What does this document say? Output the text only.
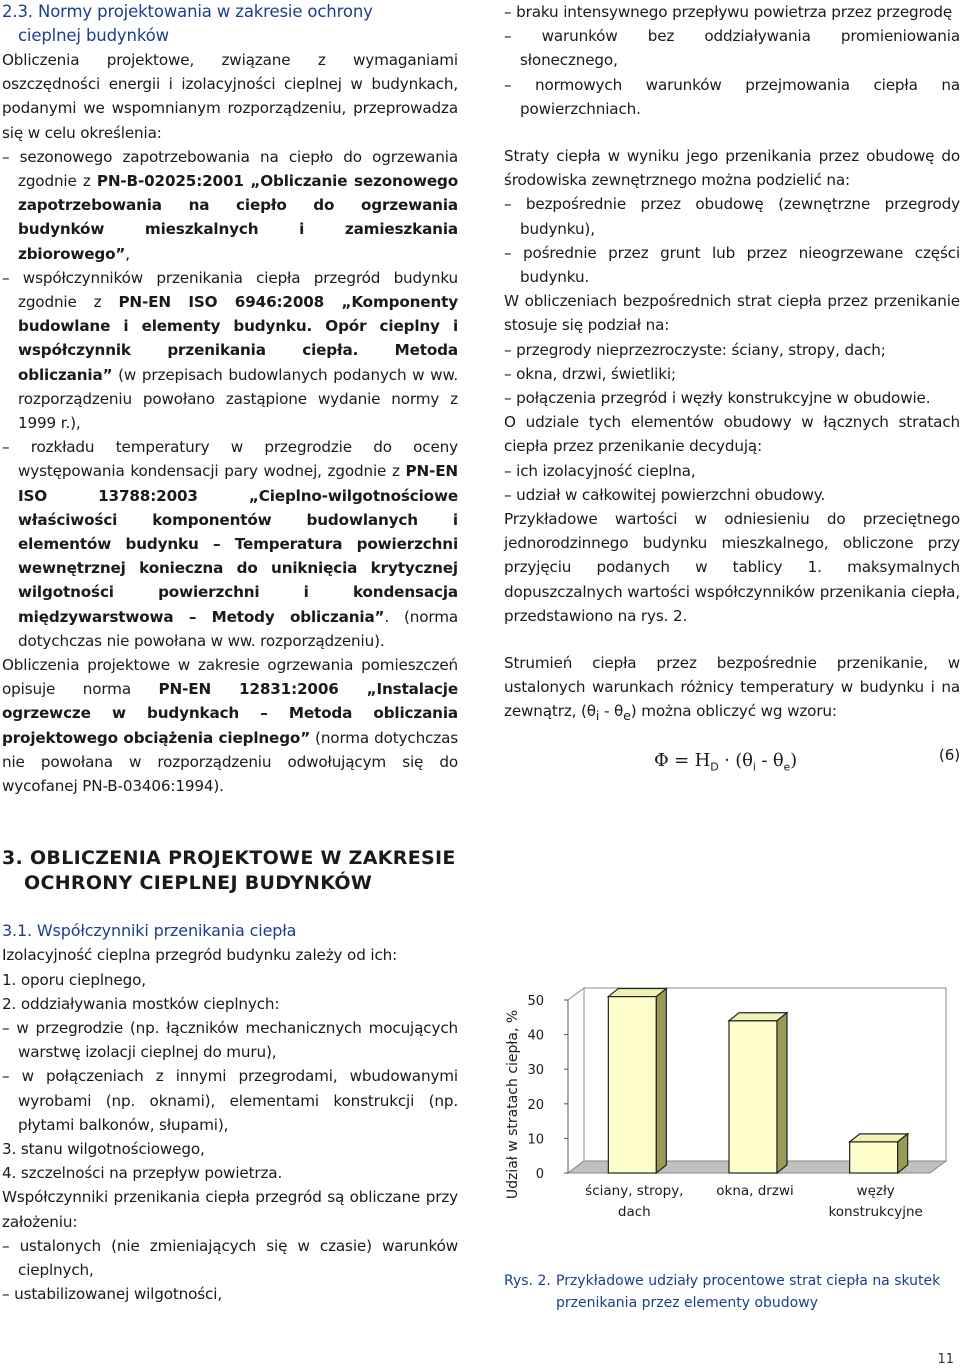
2.3. Normy projektowania w zakresie ochrony
cieplnej budynków

Obliczenia projektowe, związane z wymaganiami oszczędności energii i izolacyjności cieplnej w budynkach, podanymi we wspomnianym rozporządzeniu, przeprowadza się w celu określenia:

– sezonowego zapotrzebowania na ciepło do ogrzewania zgodnie z PN-B-02025:2001 „Obliczanie sezonowego zapotrzebowania na ciepło do ogrzewania budynków mieszkalnych i zamieszkania zbiorowego”,

– współczynników przenikania ciepła przegród budynku zgodnie z PN-EN ISO 6946:2008 „Komponenty budowlane i elementy budynku. Opór cieplny i współczynnik przenikania ciepła. Metoda obliczania” (w przepisach budowlanych podanych w ww. rozporządzeniu powołano zastąpione wydanie normy z 1999 r.),

– rozkładu temperatury w przegrodzie do oceny występowania kondensacji pary wodnej, zgodnie z PN-EN ISO 13788:2003 „Cieplno-wilgotnościowe właściwości komponentów budowlanych i elementów budynku – Temperatura powierzchni wewnętrznej konieczna do uniknięcia krytycznej wilgotności powierzchni i kondensacja międzywarstwowa – Metody obliczania”. (norma dotychczas nie powołana w ww. rozporządzeniu).

Obliczenia projektowe w zakresie ogrzewania pomieszczeń opisuje norma PN-EN 12831:2006 „Instalacje ogrzewcze w budynkach – Metoda obliczania projektowego obciążenia cieplnego” (norma dotychczas nie powołana w rozporządzeniu odwołującym się do wycofanej PN-B-03406:1994).

3. OBLICZENIA PROJEKTOWE W ZAKRESIE
OCHRONY CIEPLNEJ BUDYNKÓW
3.1. Współczynniki przenikania ciepła

Izolacyjność cieplna przegród budynku zależy od ich:

1. oporu cieplnego,

2. oddziaływania mostków cieplnych:

– w przegrodzie (np. łączników mechanicznych mocujących warstwę izolacji cieplnej do muru),

– w połączeniach z innymi przegrodami, wbudowanymi wyrobami (np. oknami), elementami konstrukcji (np. płytami balkonów, słupami),

3. stanu wilgotnościowego,

4. szczelności na przepływ powietrza.

Współczynniki przenikania ciepła przegród są obliczane przy założeniu:

– ustalonych (nie zmieniających się w czasie) warunków cieplnych,

– ustabilizowanej wilgotności,

– braku intensywnego przepływu powietrza przez przegrodę

– warunków bez oddziaływania promieniowania słonecznego,

– normowych warunków przejmowania ciepła na powierzchniach.

Straty ciepła w wyniku jego przenikania przez obudowę do środowiska zewnętrznego można podzielić na:

– bezpośrednie przez obudowę (zewnętrzne przegrody budynku),

– pośrednie przez grunt lub przez nieogrzewane części budynku.

W obliczeniach bezpośrednich strat ciepła przez przenikanie stosuje się podział na:

– przegrody nieprzezroczyste: ściany, stropy, dach;

– okna, drzwi, świetliki;

– połączenia przegród i węzły konstrukcyjne w obudowie.

O udziale tych elementów obudowy w łącznych stratach ciepła przez przenikanie decydują:

– ich izolacyjność cieplna,

– udział w całkowitej powierzchni obudowy.

Przykładowe wartości w odniesieniu do przeciętnego jednorodzinnego budynku mieszkalnego, obliczone przy przyjęciu podanych w tablicy 1. maksymalnych dopuszczalnych wartości współczynników przenikania ciepła, przedstawiono na rys. 2.

Strumień ciepła przez bezpośrednie przenikanie, w ustalonych warunkach różnicy temperatury w budynku i na zewnątrz, $(\theta_i - \theta_e)$ można obliczyć wg wzoru:

$\Phi = H_D \cdot (\theta_i - \theta_e)$	(6)
0
10
20
30
40
50
Udział w stratach ciepła, %	ściany, stropy,
dach
okna, drzwi	węzły
konstrukcyjne
Rys. 2. Przykładowe udziały procentowe strat ciepła na skutek
przenikania przez elementy obudowy
11
